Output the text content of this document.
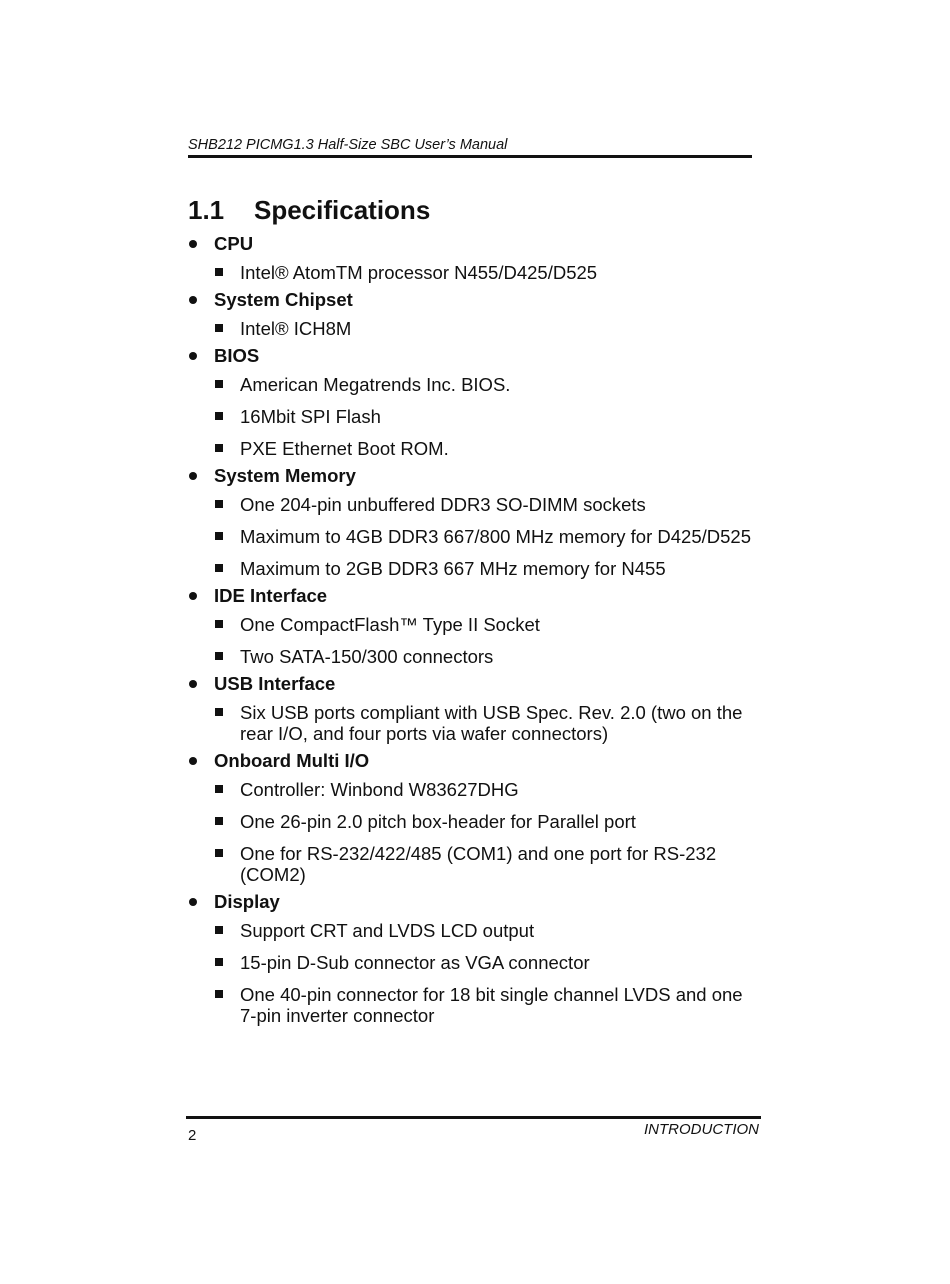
SHB212 PICMG1.3 Half-Size SBC User’s Manual
1.1 Specifications
CPU
Intel® AtomTM processor N455/D425/D525
System Chipset
Intel® ICH8M
BIOS
American Megatrends Inc. BIOS.
16Mbit SPI Flash
PXE Ethernet Boot ROM.
System Memory
One 204-pin unbuffered DDR3 SO-DIMM sockets
Maximum to 4GB DDR3 667/800 MHz memory for D425/D525
Maximum to 2GB DDR3 667 MHz memory for N455
IDE Interface
One CompactFlash™ Type II Socket
Two SATA-150/300 connectors
USB Interface
Six USB ports compliant with USB Spec. Rev. 2.0 (two on the
rear I/O, and four ports via wafer connectors)
Onboard Multi I/O
Controller: Winbond W83627DHG
One 26-pin 2.0 pitch box-header for Parallel port
One for RS-232/422/485 (COM1) and one port for RS-232
(COM2)
Display
Support CRT and LVDS LCD output
15-pin D-Sub connector as VGA connector
One 40-pin connector for 18 bit single channel LVDS and one
7-pin inverter connector
2	INTRODUCTION
